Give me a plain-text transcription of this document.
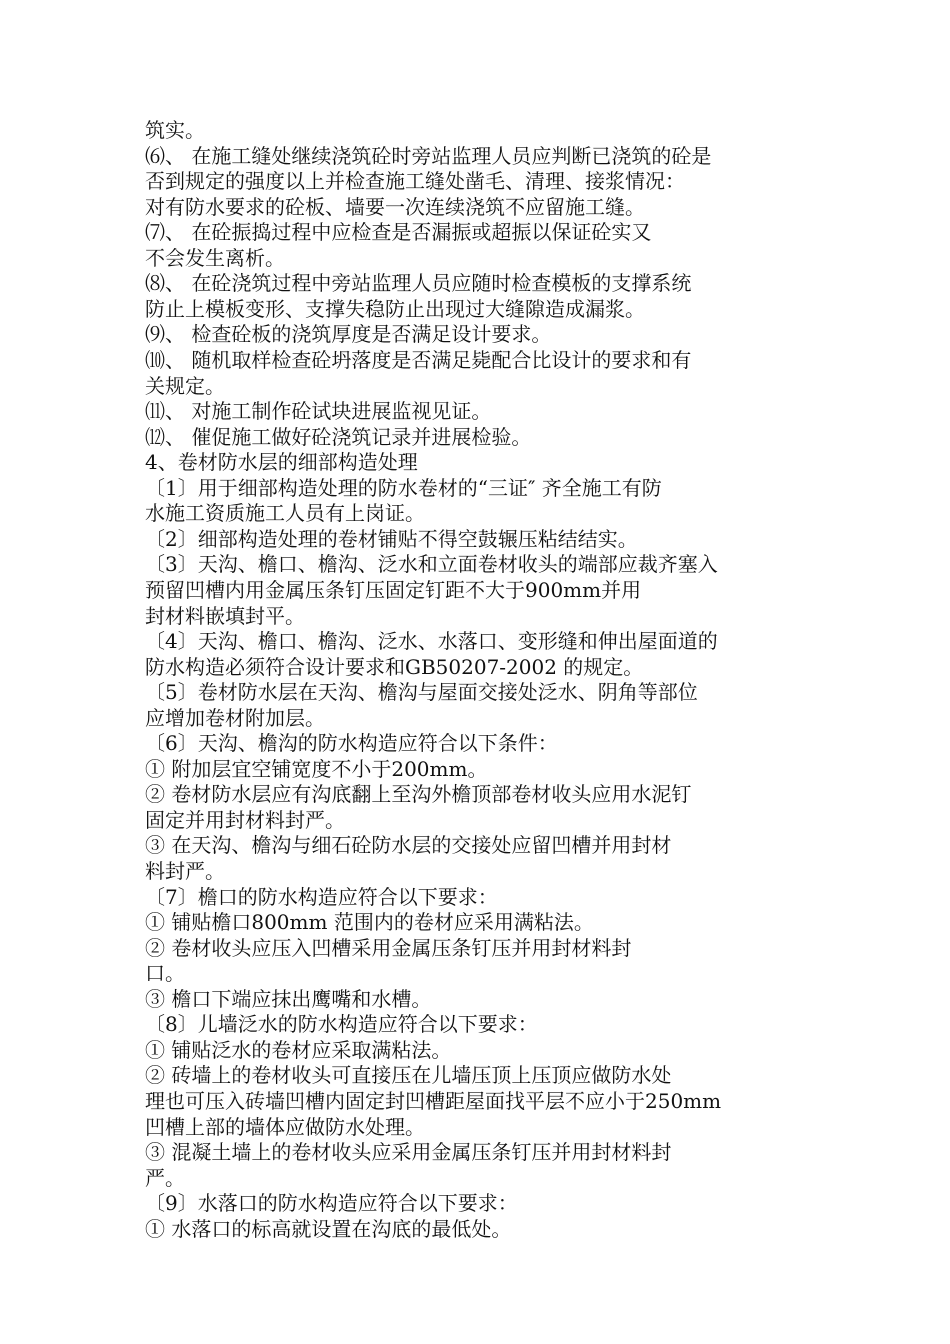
筑实。
⑹、 在施工缝处继续浇筑砼时旁站监理人员应判断已浇筑的砼是
否到规定的强度以上并检查施工缝处凿毛、清理、接浆情况：
对有防水要求的砼板、墙要一次连续浇筑不应留施工缝。
⑺、 在砼振捣过程中应检查是否漏振或超振以保证砼实又
不会发生离析。
⑻、 在砼浇筑过程中旁站监理人员应随时检查模板的支撑系统
防止上模板变形、支撑失稳防止出现过大缝隙造成漏浆。
⑼、 检查砼板的浇筑厚度是否满足设计要求。
⑽、 随机取样检查砼坍落度是否满足毙配合比设计的要求和有
关规定。
⑾、 对施工制作砼试块进展监视见证。
⑿、 催促施工做好砼浇筑记录并进展检验。
4、卷材防水层的细部构造处理
〔1〕用于细部构造处理的防水卷材的“三证″ 齐全施工有防
水施工资质施工人员有上岗证。
〔2〕细部构造处理的卷材铺贴不得空鼓辗压粘结结实。
〔3〕天沟、檐口、檐沟、泛水和立面卷材收头的端部应裁齐塞入
预留凹槽内用金属压条钉压固定钉距不大于900mm并用
封材料嵌填封平。
〔4〕天沟、檐口、檐沟、泛水、水落口、变形缝和伸出屋面道的
防水构造必须符合设计要求和GB50207-2002 的规定。
〔5〕卷材防水层在天沟、檐沟与屋面交接处泛水、阴角等部位
应增加卷材附加层。
〔6〕天沟、檐沟的防水构造应符合以下条件：
① 附加层宜空铺宽度不小于200mm。
② 卷材防水层应有沟底翻上至沟外檐顶部卷材收头应用水泥钉
固定并用封材料封严。
③ 在天沟、檐沟与细石砼防水层的交接处应留凹槽并用封材
料封严。
〔7〕檐口的防水构造应符合以下要求：
① 铺贴檐口800mm 范围内的卷材应采用满粘法。
② 卷材收头应压入凹槽采用金属压条钉压并用封材料封
口。
③ 檐口下端应抹出鹰嘴和水槽。
〔8〕儿墙泛水的防水构造应符合以下要求：
① 铺贴泛水的卷材应采取满粘法。
② 砖墙上的卷材收头可直接压在儿墙压顶上压顶应做防水处
理也可压入砖墙凹槽内固定封凹槽距屋面找平层不应小于250mm
凹槽上部的墙体应做防水处理。
③ 混凝土墙上的卷材收头应采用金属压条钉压并用封材料封
严。
〔9〕水落口的防水构造应符合以下要求：
① 水落口的标高就设置在沟底的最低处。
